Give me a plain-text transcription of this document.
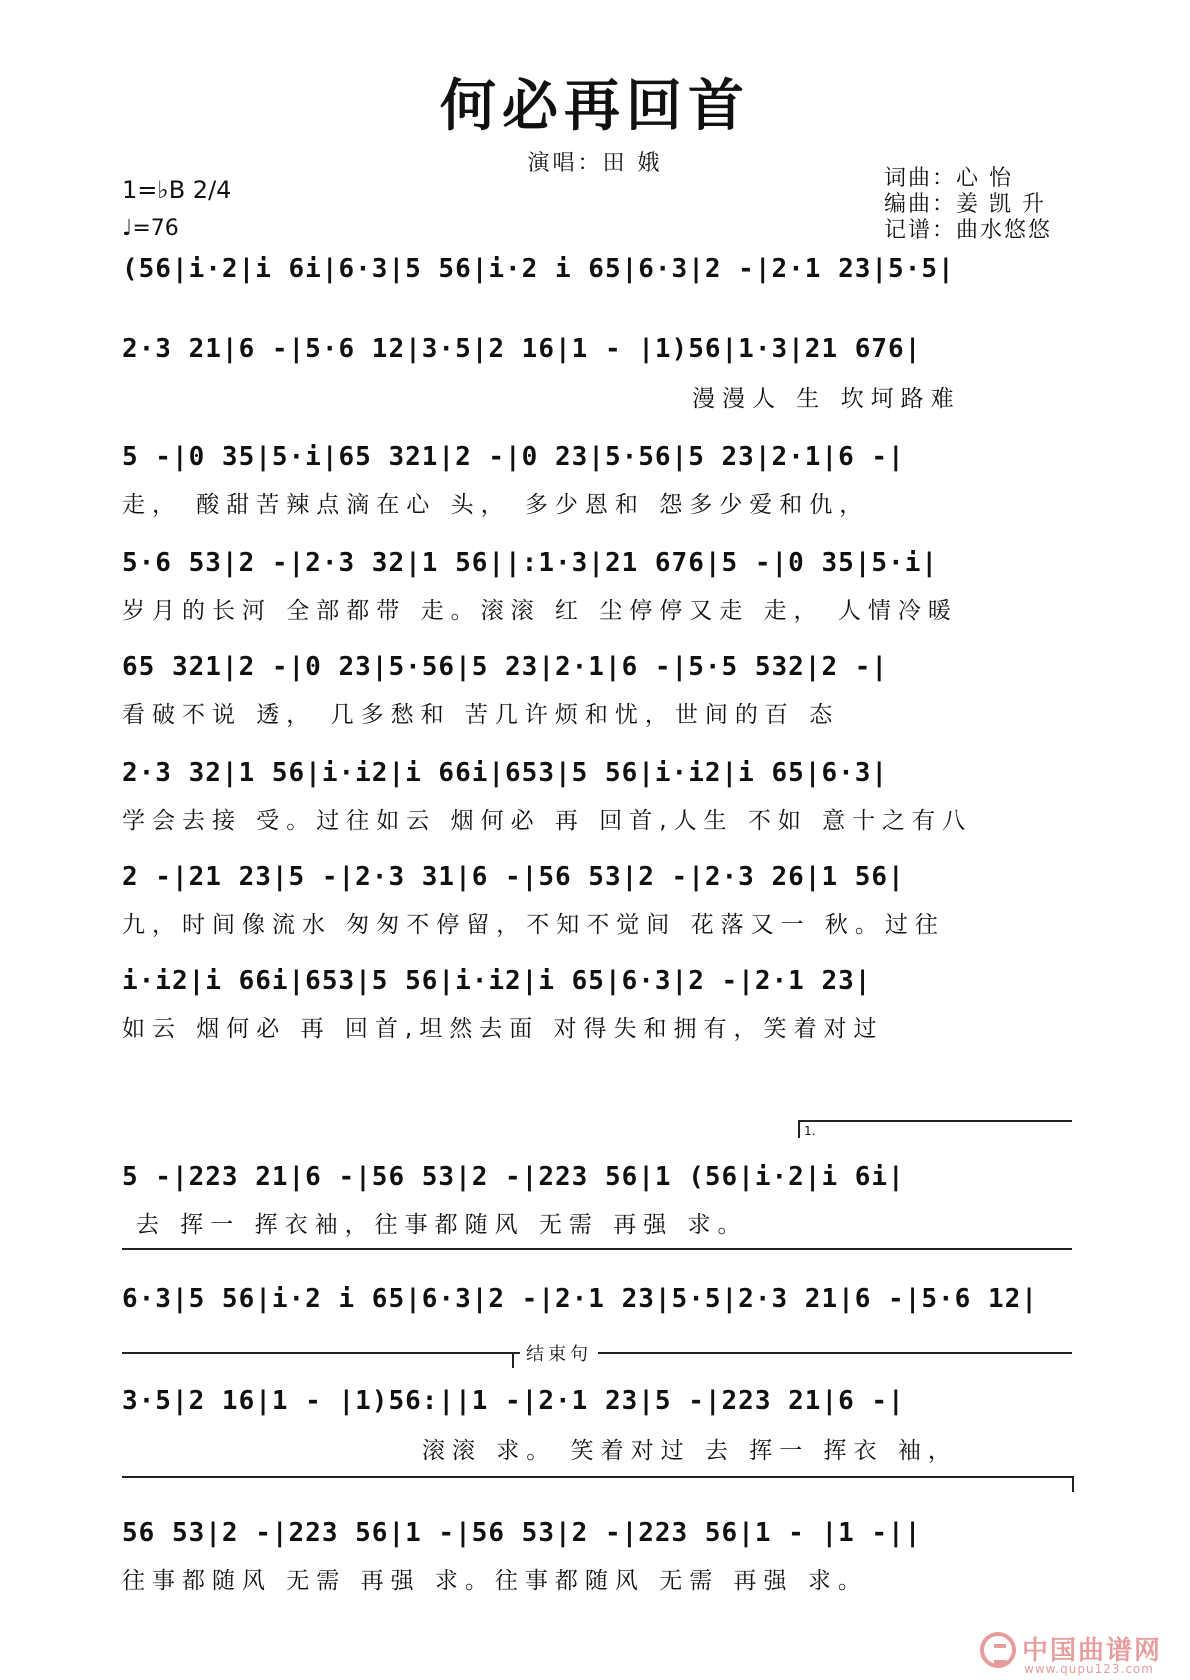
何必再回首
演唱：田 娥
1=♭B 2/4
♩=76
词曲：心 怡
编曲：姜 凯 升
记谱：曲水悠悠
(56|i·2|i 6i|6·3|5 56|i·2 i 65|6·3|2 -|2·1 23|5·5|
2·3 21|6 -|5·6 12|3·5|2 16|1 - |1)56|1·3|21 676|
漫漫人 生 坎坷路难
5 -|0 35|5·i|65 321|2 -|0 23|5·56|5 23|2·1|6 -|
走， 酸甜苦辣点滴在心 头， 多少恩和 怨多少爱和仇，
5·6 53|2 -|2·3 32|1 56||:1·3|21 676|5 -|0 35|5·i|
岁月的长河 全部都带 走。滚滚 红 尘停停又走 走， 人情冷暖
65 321|2 -|0 23|5·56|5 23|2·1|6 -|5·5 532|2 -|
看破不说 透， 几多愁和 苦几许烦和忧，世间的百 态
2·3 32|1 56|i·i2|i 66i|653|5 56|i·i2|i 65|6·3|
学会去接 受。过往如云 烟何必 再 回首,人生 不如 意十之有八
2 -|21 23|5 -|2·3 31|6 -|56 53|2 -|2·3 26|1 56|
九，时间像流水 匆匆不停留，不知不觉间 花落又一 秋。过往
i·i2|i 66i|653|5 56|i·i2|i 65|6·3|2 -|2·1 23|
如云 烟何必 再 回首,坦然去面 对得失和拥有，笑着对过
1.
5 -|223 21|6 -|56 53|2 -|223 56|1 (56|i·2|i 6i|
去 挥一 挥衣袖，往事都随风 无需 再强 求。
6·3|5 56|i·2 i 65|6·3|2 -|2·1 23|5·5|2·3 21|6 -|5·6 12|
结束句
3·5|2 16|1 - |1)56:||1 -|2·1 23|5 -|223 21|6 -|
滚滚 求。 笑着对过 去 挥一 挥衣 袖，
56 53|2 -|223 56|1 -|56 53|2 -|223 56|1 - |1 -||
往事都随风 无需 再强 求。往事都随风 无需 再强 求。
中国曲谱网
www.qupu123.com
